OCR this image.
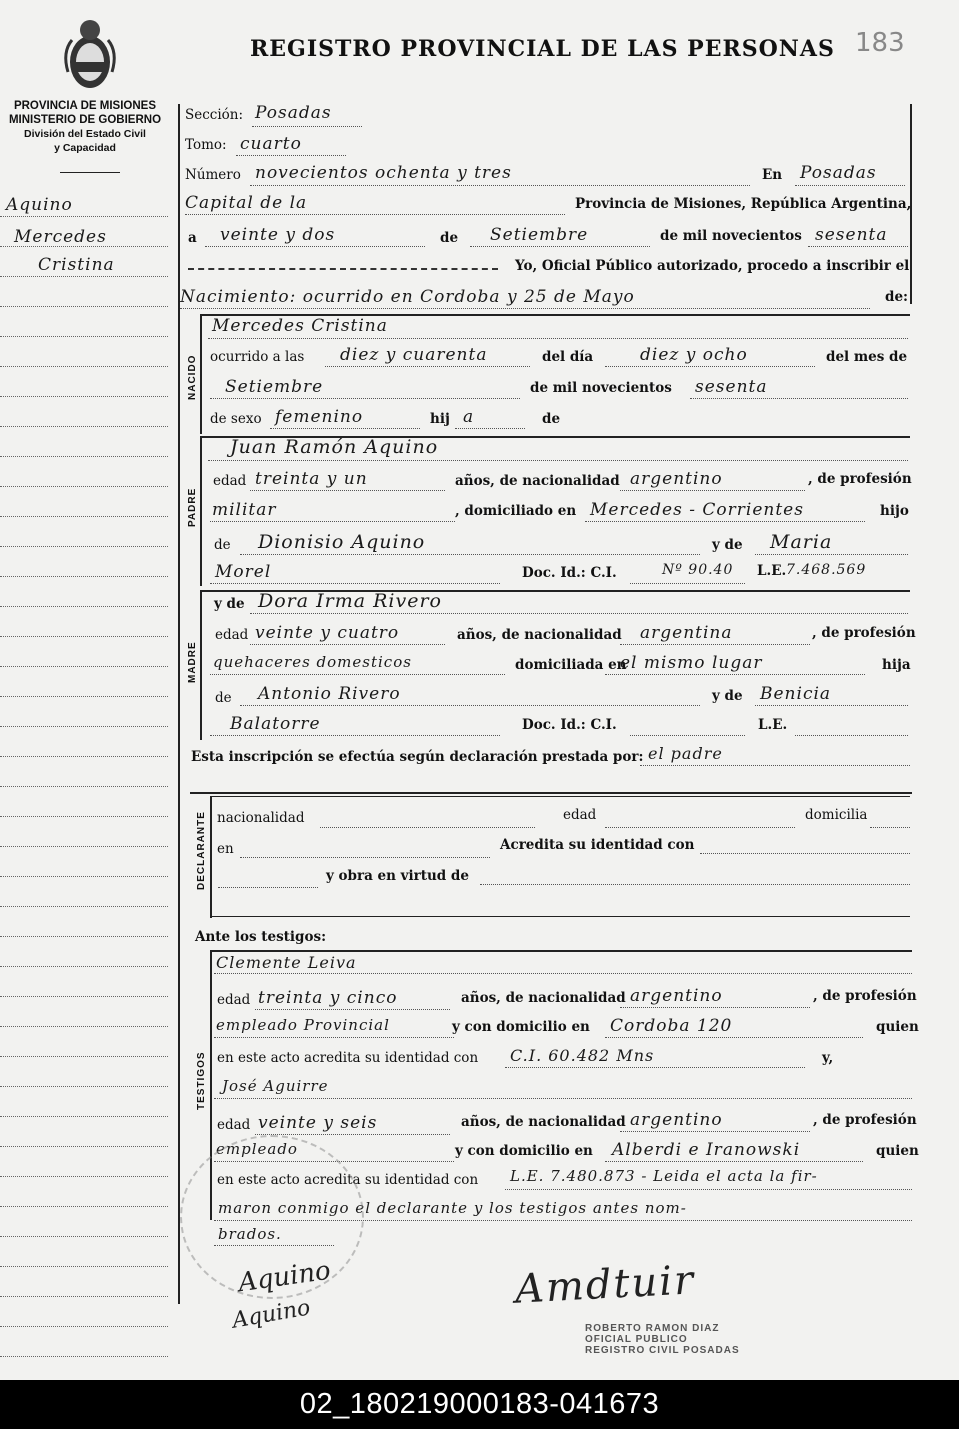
REGISTRO PROVINCIAL DE LAS PERSONAS 183
PROVINCIA DE MISIONES
MINISTERIO DE GOBIERNO
División del Estado Civil
y Capacidad
Aquino
Mercedes
Cristina
Sección: Posadas
Tomo: cuarto
Número novecientos ochenta y tres	En Posadas
Capital de la	Provincia de Misiones, República Argentina,
a veinte y dos	de Setiembre	de mil novecientos sesenta
Yo, Oficial Público autorizado, procedo a inscribir el
Nacimiento: ocurrido en Cordoba y 25 de Mayo	de:
NACIDO
Mercedes Cristina
ocurrido a las diez y cuarenta	del día	diez y ocho	del mes de
Setiembre	de mil novecientos sesenta
de sexo femenino	hij a	de
PADRE
Juan Ramón Aquino
edad treinta y un	años, de nacionalidad argentino	, de profesión
militar	, domiciliado en Mercedes - Corrientes	hijo
de Dionisio Aquino	y de Maria
Morel	Doc. Id.: C.I.	Nº 90.40 L.E. 7.468.569
MADRE
y de Dora Irma Rivero
edad veinte y cuatro	años, de nacionalidad argentina	, de profesión
quehaceres domesticos	domiciliada en
el mismo lugar	hija
de Antonio Rivero	y de Benicia
Balatorre	Doc. Id.: C.I.	L.E.
Esta inscripción se efectúa según declaración prestada por: el padre
DECLARANTE nacionalidad	edad	domicilia
en	Acredita su identidad con
y obra en virtud de
Ante los testigos:
TESTIGOS
Clemente Leiva
edad treinta y cinco	años, de nacionalidad argentino	, de profesión
empleado Provincial	y con domicilio en Cordoba 120	quien
en este acto acredita su identidad con C.I. 60.482 Mns	y,
José Aguirre
edad veinte y seis	años, de nacionalidad argentino	, de profesión
empleado	y con domicilio en Alberdi e Iranowski	quien
en este acto acredita su identidad con L.E. 7.480.873 - Leida el acta la fir-
maron conmigo el declarante y los testigos antes nom-
brados.
Aquino
Aquino
Amdtuir
ROBERTO RAMON DIAZ
OFICIAL PUBLICO
REGISTRO CIVIL POSADAS
02_180219000183-041673
